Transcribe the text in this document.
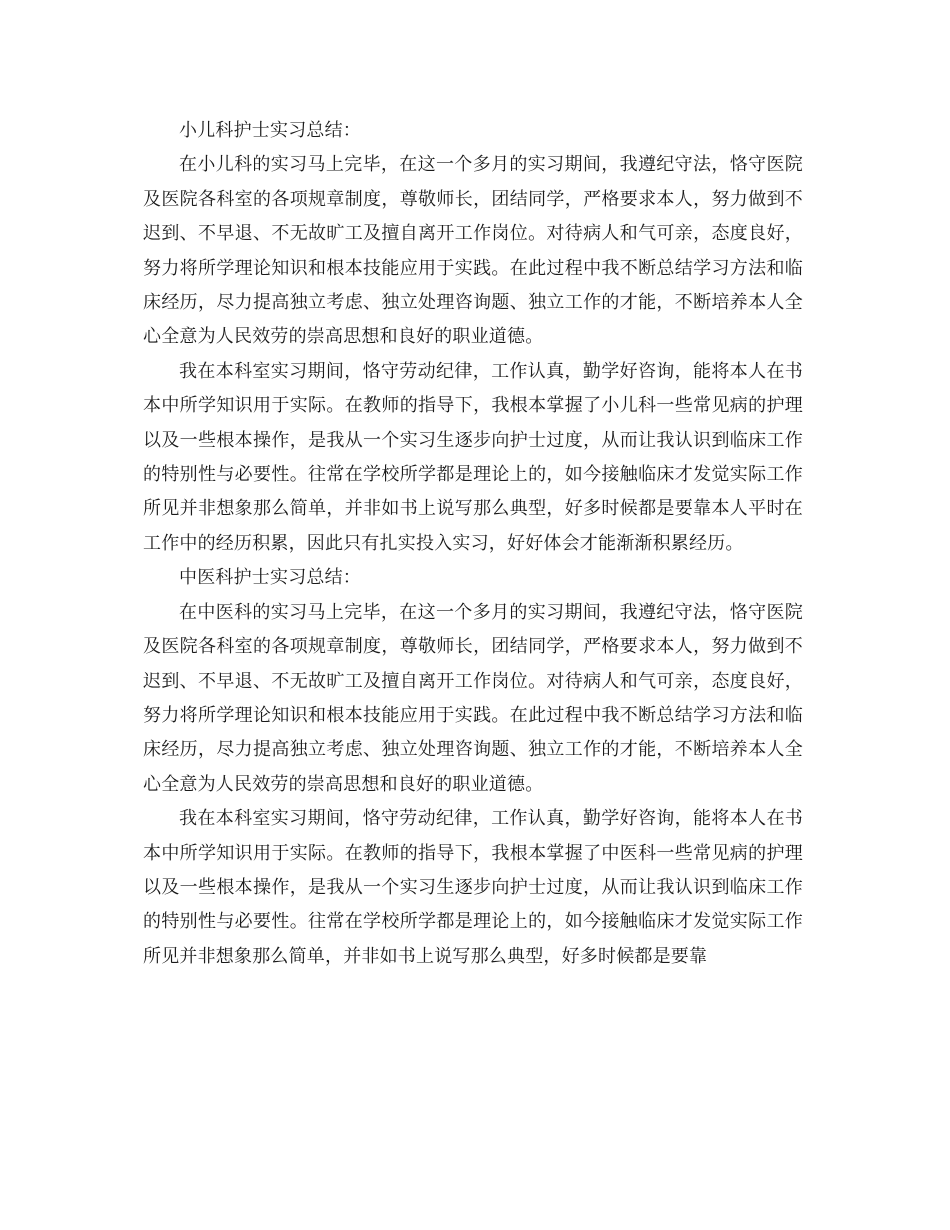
小儿科护士实习总结：

在小儿科的实习马上完毕，在这一个多月的实习期间，我遵纪守法，恪守医院及医院各科室的各项规章制度，尊敬师长，团结同学，严格要求本人，努力做到不迟到、不早退、不无故旷工及擅自离开工作岗位。对待病人和气可亲，态度良好，努力将所学理论知识和根本技能应用于实践。在此过程中我不断总结学习方法和临床经历，尽力提高独立考虑、独立处理咨询题、独立工作的才能，不断培养本人全心全意为人民效劳的崇高思想和良好的职业道德。

我在本科室实习期间，恪守劳动纪律，工作认真，勤学好咨询，能将本人在书本中所学知识用于实际。在教师的指导下，我根本掌握了小儿科一些常见病的护理以及一些根本操作，是我从一个实习生逐步向护士过度，从而让我认识到临床工作的特别性与必要性。往常在学校所学都是理论上的，如今接触临床才发觉实际工作所见并非想象那么简单，并非如书上说写那么典型，好多时候都是要靠本人平时在工作中的经历积累，因此只有扎实投入实习，好好体会才能渐渐积累经历。

中医科护士实习总结：

在中医科的实习马上完毕，在这一个多月的实习期间，我遵纪守法，恪守医院及医院各科室的各项规章制度，尊敬师长，团结同学，严格要求本人，努力做到不迟到、不早退、不无故旷工及擅自离开工作岗位。对待病人和气可亲，态度良好，努力将所学理论知识和根本技能应用于实践。在此过程中我不断总结学习方法和临床经历，尽力提高独立考虑、独立处理咨询题、独立工作的才能，不断培养本人全心全意为人民效劳的崇高思想和良好的职业道德。

我在本科室实习期间，恪守劳动纪律，工作认真，勤学好咨询，能将本人在书本中所学知识用于实际。在教师的指导下，我根本掌握了中医科一些常见病的护理以及一些根本操作，是我从一个实习生逐步向护士过度，从而让我认识到临床工作的特别性与必要性。往常在学校所学都是理论上的，如今接触临床才发觉实际工作所见并非想象那么简单，并非如书上说写那么典型，好多时候都是要靠
